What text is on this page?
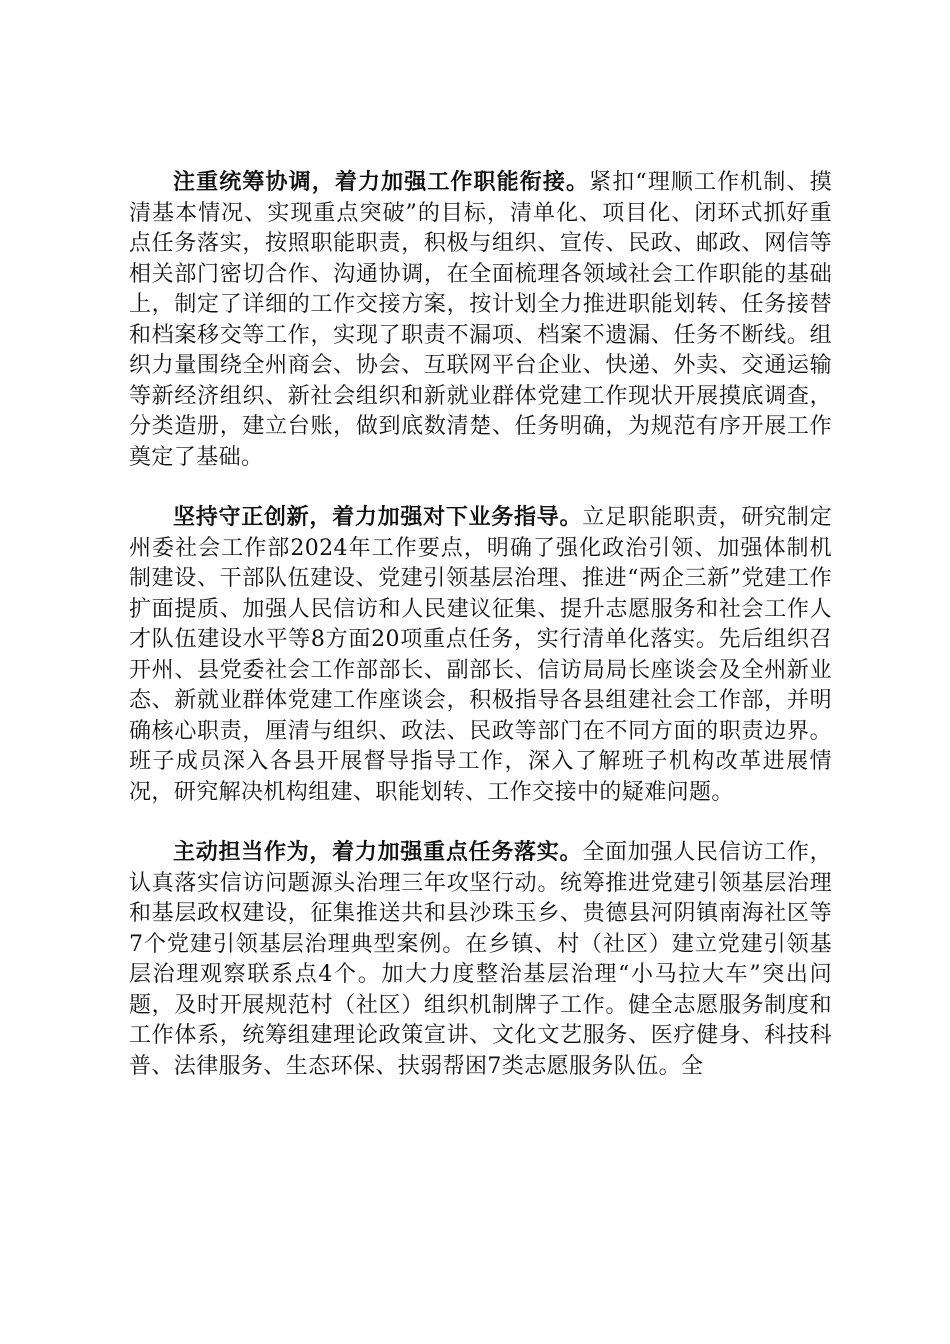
注重统筹协调，着力加强工作职能衔接。紧扣“理顺工作机制、摸清基本情况、实现重点突破”的目标，清单化、项目化、闭环式抓好重点任务落实，按照职能职责，积极与组织、宣传、民政、邮政、网信等相关部门密切合作、沟通协调，在全面梳理各领域社会工作职能的基础上，制定了详细的工作交接方案，按计划全力推进职能划转、任务接替和档案移交等工作，实现了职责不漏项、档案不遗漏、任务不断线。组织力量围绕全州商会、协会、互联网平台企业、快递、外卖、交通运输等新经济组织、新社会组织和新就业群体党建工作现状开展摸底调查，分类造册，建立台账，做到底数清楚、任务明确，为规范有序开展工作奠定了基础。

坚持守正创新，着力加强对下业务指导。立足职能职责，研究制定州委社会工作部2024年工作要点，明确了强化政治引领、加强体制机制建设、干部队伍建设、党建引领基层治理、推进“两企三新”党建工作扩面提质、加强人民信访和人民建议征集、提升志愿服务和社会工作人才队伍建设水平等8方面20项重点任务，实行清单化落实。先后组织召开州、县党委社会工作部部长、副部长、信访局局长座谈会及全州新业态、新就业群体党建工作座谈会，积极指导各县组建社会工作部，并明确核心职责，厘清与组织、政法、民政等部门在不同方面的职责边界。班子成员深入各县开展督导指导工作，深入了解班子机构改革进展情况，研究解决机构组建、职能划转、工作交接中的疑难问题。

主动担当作为，着力加强重点任务落实。全面加强人民信访工作，认真落实信访问题源头治理三年攻坚行动。统筹推进党建引领基层治理和基层政权建设，征集推送共和县沙珠玉乡、贵德县河阴镇南海社区等7个党建引领基层治理典型案例。在乡镇、村（社区）建立党建引领基层治理观察联系点4个。加大力度整治基层治理“小马拉大车”突出问题，及时开展规范村（社区）组织机制牌子工作。健全志愿服务制度和工作体系，统筹组建理论政策宣讲、文化文艺服务、医疗健身、科技科普、法律服务、生态环保、扶弱帮困7类志愿服务队伍。全
